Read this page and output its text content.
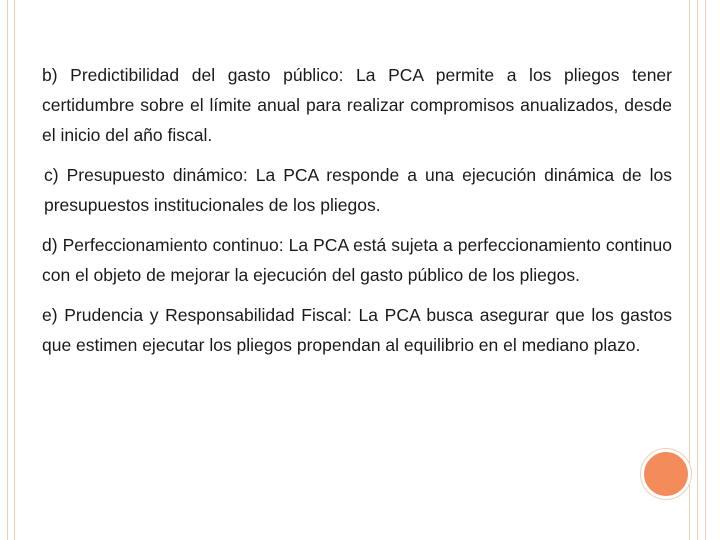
b) Predictibilidad del gasto público: La PCA permite a los pliegos tener certidumbre sobre el límite anual para realizar compromisos anualizados, desde el inicio del año fiscal.

c) Presupuesto dinámico: La PCA responde a una ejecución dinámica de los presupuestos institucionales de los pliegos.

d) Perfeccionamiento continuo: La PCA está sujeta a perfeccionamiento continuo con el objeto de mejorar la ejecución del gasto público de los pliegos.

e) Prudencia y Responsabilidad Fiscal: La PCA busca asegurar que los gastos que estimen ejecutar los pliegos propendan al equilibrio en el mediano plazo.
